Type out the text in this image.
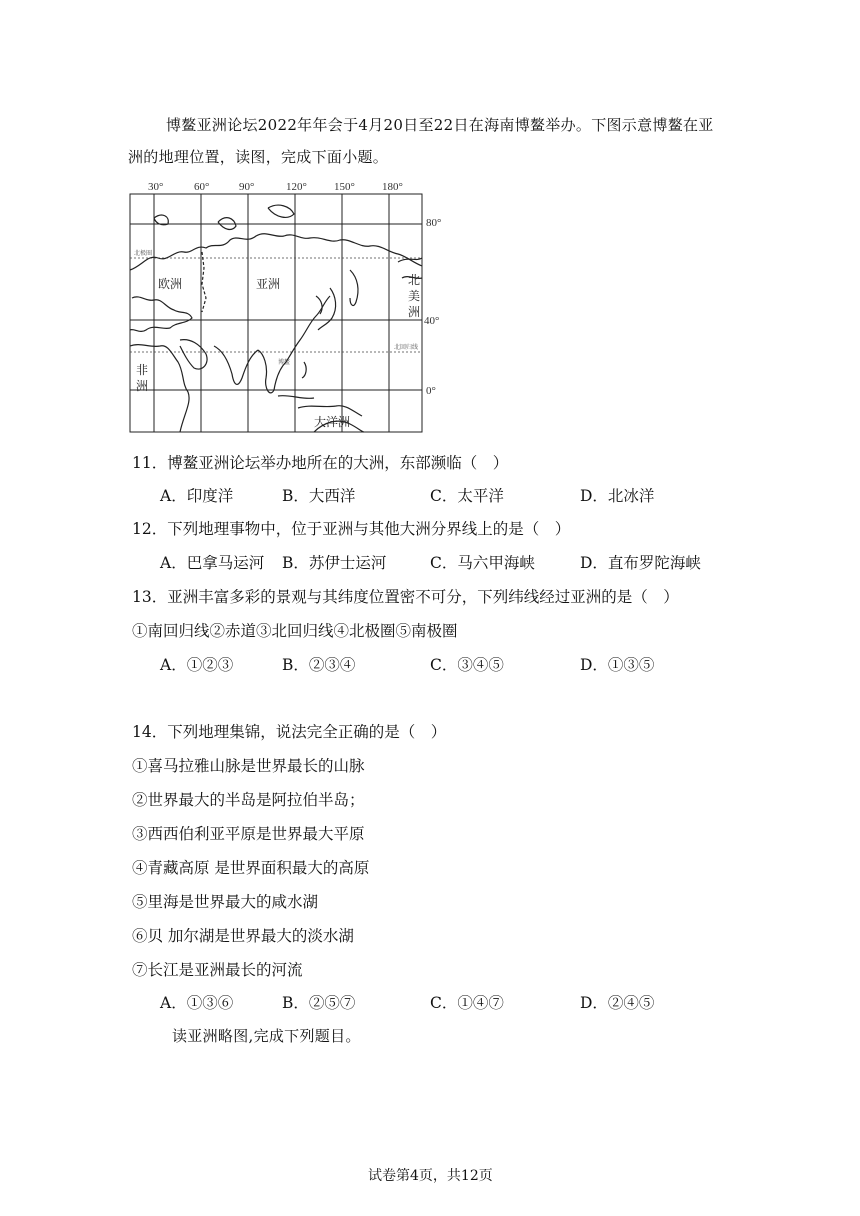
博鳌亚洲论坛2022年年会于4月20日至22日在海南博鳌举办。下图示意博鳌在亚
洲的地理位置，读图，完成下面小题。
30°	60°	90°	120° 150° 180°
80°
40°
0°
北极圈
北回归线
博鳌
欧洲	亚洲
大洋洲
非
洲
北
美
洲
11．博鳌亚洲论坛举办地所在的大洲，东部濒临（　）
A．印度洋	B．大西洋	C．太平洋	D．北冰洋
12．下列地理事物中，位于亚洲与其他大洲分界线上的是（　）
A．巴拿马运河 B．苏伊士运河	C．马六甲海峡	D．直布罗陀海峡
13．亚洲丰富多彩的景观与其纬度位置密不可分，下列纬线经过亚洲的是（　）
①南回归线②赤道③北回归线④北极圈⑤南极圈
A．①②③	B．②③④	C．③④⑤	D．①③⑤
14．下列地理集锦，说法完全正确的是（　）
①喜马拉雅山脉是世界最长的山脉
②世界最大的半岛是阿拉伯半岛；
③西西伯利亚平原是世界最大平原
④青藏高原 是世界面积最大的高原
⑤里海是世界最大的咸水湖
⑥贝 加尔湖是世界最大的淡水湖
⑦长江是亚洲最长的河流
A．①③⑥	B．②⑤⑦	C．①④⑦	D．②④⑤
读亚洲略图,完成下列题目。
试卷第4页，共12页
